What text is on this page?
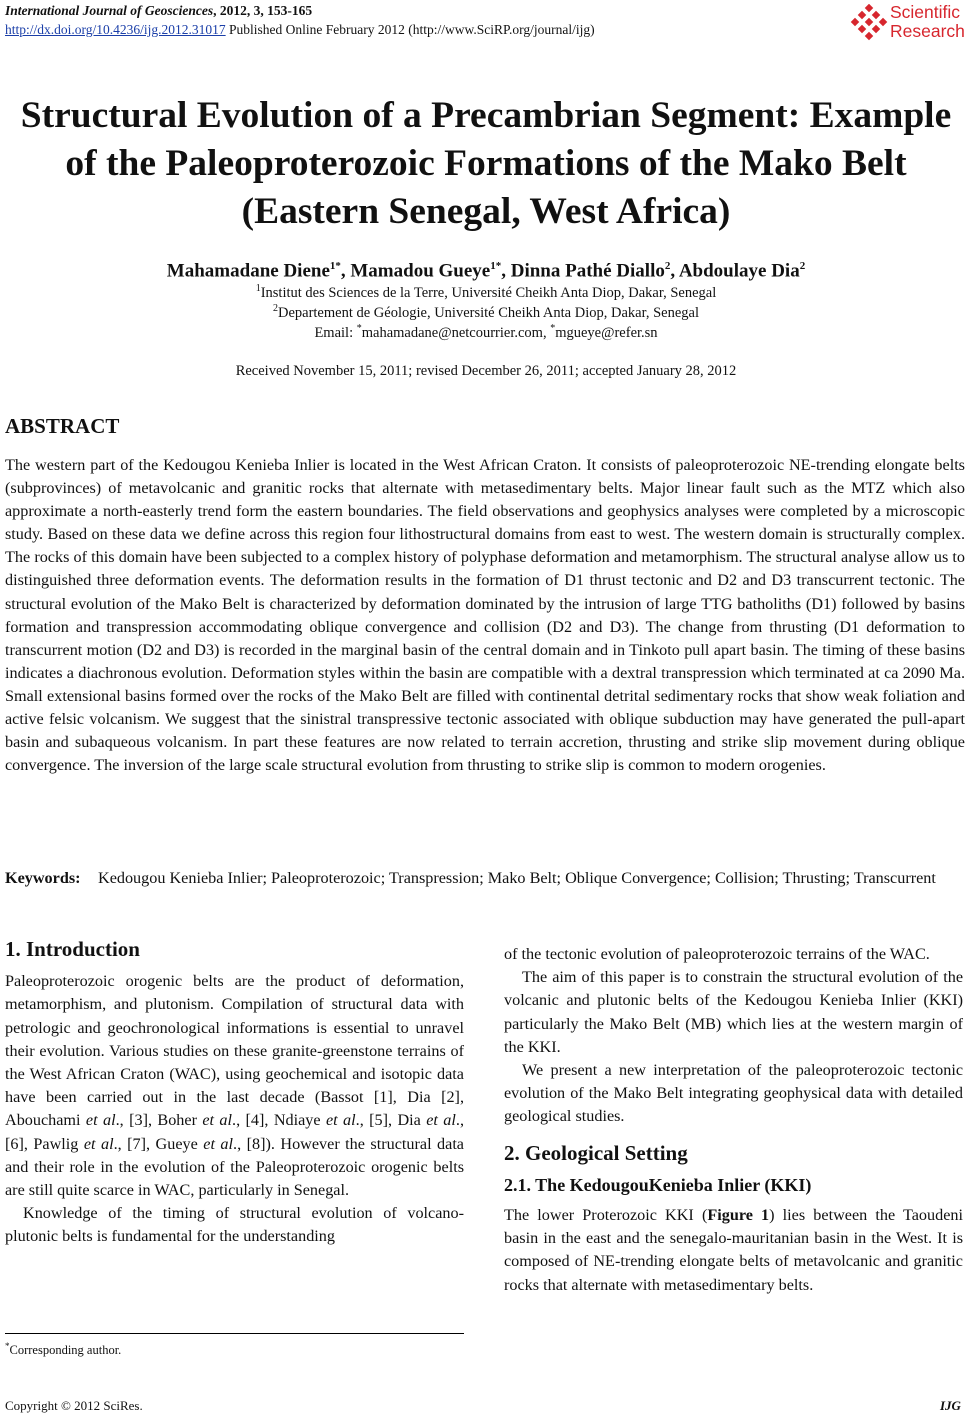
International Journal of Geosciences, 2012, 3, 153-165
http://dx.doi.org/10.4236/ijg.2012.31017 Published Online February 2012 (http://www.SciRP.org/journal/ijg)
Scientific
Research
Structural Evolution of a Precambrian Segment: Example
of the Paleoproterozoic Formations of the Mako Belt
(Eastern Senegal, West Africa)
Mahamadane Diene$^{1*}$, Mamadou Gueye$^{1*}$, Dinna Pathé Diallo$^2$, Abdoulaye Dia$^2$
$^1$Institut des Sciences de la Terre, Université Cheikh Anta Diop, Dakar, Senegal
$^2$Departement de Géologie, Université Cheikh Anta Diop, Dakar, Senegal
Email: *mahamadane@netcourrier.com, *mgueye@refer.sn
Received November 15, 2011; revised December 26, 2011; accepted January 28, 2012
ABSTRACT
The western part of the Kedougou Kenieba Inlier is located in the West African Craton. It consists of paleoproterozoic NE-trending elongate belts (subprovinces) of metavolcanic and granitic rocks that alternate with metasedimentary belts. Major linear fault such as the MTZ which also approximate a north-easterly trend form the eastern boundaries. The field observations and geophysics analyses were completed by a microscopic study. Based on these data we define across this region four lithostructural domains from east to west. The western domain is structurally complex. The rocks of this domain have been subjected to a complex history of polyphase deformation and metamorphism. The structural analyse allow us to distinguished three deformation events. The deformation results in the formation of D1 thrust tectonic and D2 and D3 transcurrent tectonic. The structural evolution of the Mako Belt is characterized by deformation dominated by the intrusion of large TTG batholiths (D1) followed by basins formation and transpression accommodating oblique convergence and collision (D2 and D3). The change from thrusting (D1 deformation to transcurrent motion (D2 and D3) is recorded in the marginal basin of the central domain and in Tinkoto pull apart basin. The timing of these basins indicates a diachronous evolution. Deformation styles within the basin are compatible with a dextral transpression which terminated at ca 2090 Ma. Small extensional basins formed over the rocks of the Mako Belt are filled with continental detrital sedimentary rocks that show weak foliation and active felsic volcanism. We suggest that the sinistral transpressive tectonic associated with oblique subduction may have generated the pull-apart basin and subaqueous volcanism. In part these features are now related to terrain accretion, thrusting and strike slip movement during oblique convergence. The inversion of the large scale structural evolution from thrusting to strike slip is common to modern orogenies.
Keywords: Kedougou Kenieba Inlier; Paleoproterozoic; Transpression; Mako Belt; Oblique Convergence; Collision; Thrusting; Transcurrent
1. Introduction

Paleoproterozoic orogenic belts are the product of deformation, metamorphism, and plutonism. Compilation of structural data with petrologic and geochronological informations is essential to unravel their evolution. Various studies on these granite-greenstone terrains of the West African Craton (WAC), using geochemical and isotopic data have been carried out in the last decade (Bassot [1], Dia [2], Abouchami et al., [3], Boher et al., [4], Ndiaye et al., [5], Dia et al., [6], Pawlig et al., [7], Gueye et al., [8]). However the structural data and their role in the evolution of the Paleoproterozoic orogenic belts are still quite scarce in WAC, particularly in Senegal.

Knowledge of the timing of structural evolution of volcano-plutonic belts is fundamental for the understanding

*Corresponding author.

of the tectonic evolution of paleoproterozoic terrains of the WAC.

The aim of this paper is to constrain the structural evolution of the volcanic and plutonic belts of the Kedougou Kenieba Inlier (KKI) particularly the Mako Belt (MB) which lies at the western margin of the KKI.

We present a new interpretation of the paleoproterozoic tectonic evolution of the Mako Belt integrating geophysical data with detailed geological studies.

2. Geological Setting
2.1. The KedougouKenieba Inlier (KKI)

The lower Proterozoic KKI (Figure 1) lies between the Taoudeni basin in the east and the senegalo-mauritanian basin in the West. It is composed of NE-trending elongate belts of metavolcanic and granitic rocks that alternate with metasedimentary belts.

Copyright © 2012 SciRes.	IJG
